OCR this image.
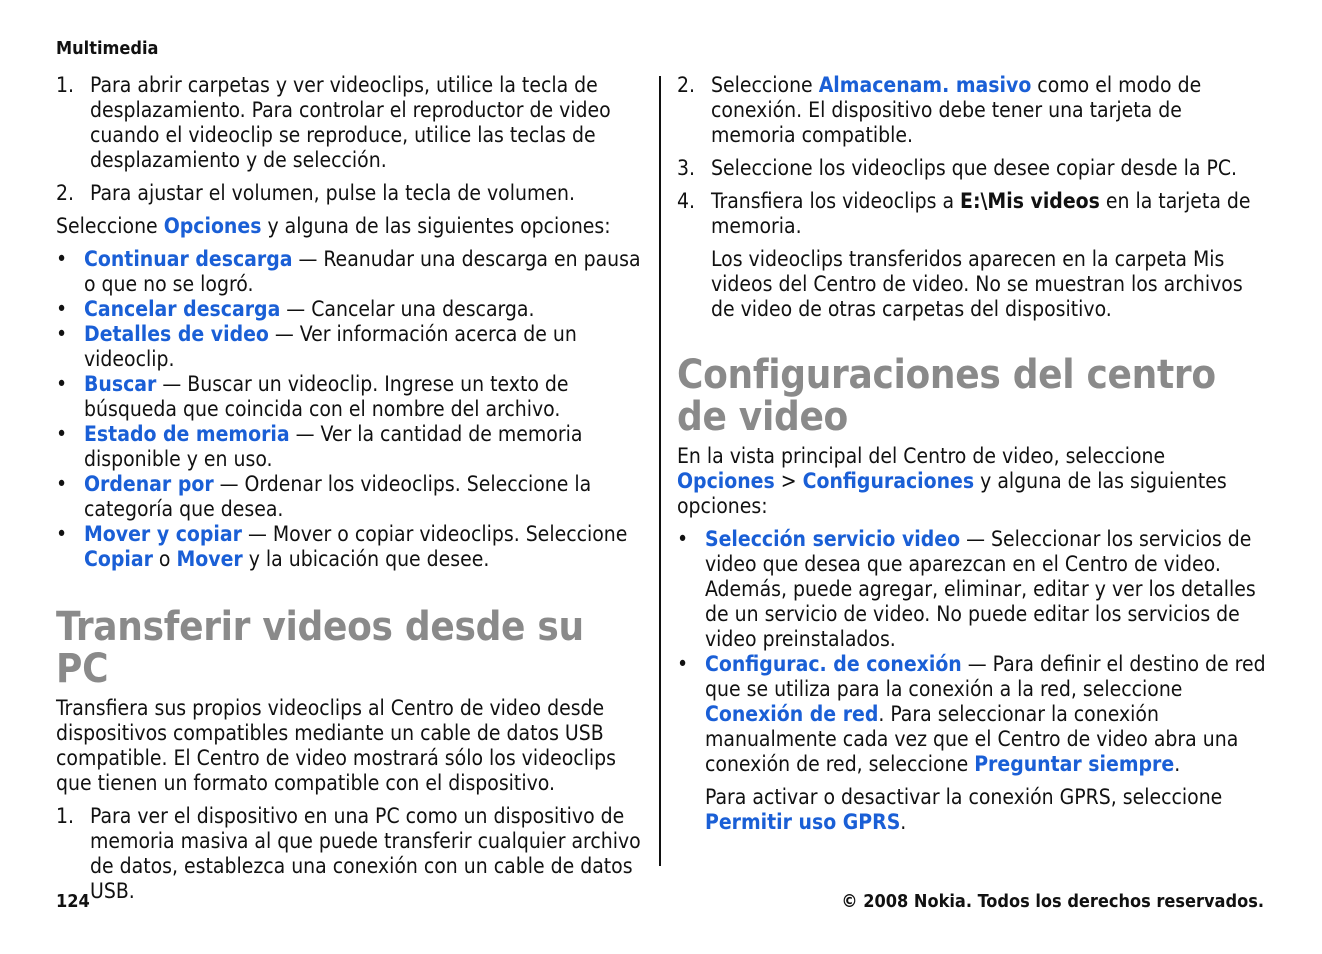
Multimedia

1. Para abrir carpetas y ver videoclips, utilice la tecla de desplazamiento. Para controlar el reproductor de video cuando el videoclip se reproduce, utilice las teclas de desplazamiento y de selección.

2. Para ajustar el volumen, pulse la tecla de volumen.

Seleccione Opciones y alguna de las siguientes opciones:

• Continuar descarga — Reanudar una descarga en pausa o que no se logró.
• Cancelar descarga — Cancelar una descarga.
• Detalles de video — Ver información acerca de un videoclip.
• Buscar — Buscar un videoclip. Ingrese un texto de búsqueda que coincida con el nombre del archivo.
• Estado de memoria — Ver la cantidad de memoria disponible y en uso.
• Ordenar por — Ordenar los videoclips. Seleccione la categoría que desea.
• Mover y copiar — Mover o copiar videoclips. Seleccione Copiar o Mover y la ubicación que desee.
Transferir videos desde su PC

Transfiera sus propios videoclips al Centro de video desde dispositivos compatibles mediante un cable de datos USB compatible. El Centro de video mostrará sólo los videoclips que tienen un formato compatible con el dispositivo.

1. Para ver el dispositivo en una PC como un dispositivo de memoria masiva al que puede transferir cualquier archivo de datos, establezca una conexión con un cable de datos USB.

2. Seleccione Almacenam. masivo como el modo de conexión. El dispositivo debe tener una tarjeta de memoria compatible.

3. Seleccione los videoclips que desee copiar desde la PC.

4. Transfiera los videoclips a E:\Mis videos en la tarjeta de memoria.

Los videoclips transferidos aparecen en la carpeta Mis videos del Centro de video. No se muestran los archivos de video de otras carpetas del dispositivo.

Configuraciones del centro de video

En la vista principal del Centro de video, seleccione Opciones > Configuraciones y alguna de las siguientes opciones:

• Selección servicio video — Seleccionar los servicios de video que desea que aparezcan en el Centro de video. Además, puede agregar, eliminar, editar y ver los detalles de un servicio de video. No puede editar los servicios de video preinstalados.
• Configurac. de conexión — Para definir el destino de red que se utiliza para la conexión a la red, seleccione Conexión de red. Para seleccionar la conexión manualmente cada vez que el Centro de video abra una conexión de red, seleccione Preguntar siempre.

Para activar o desactivar la conexión GPRS, seleccione Permitir uso GPRS.

124	© 2008 Nokia. Todos los derechos reservados.
